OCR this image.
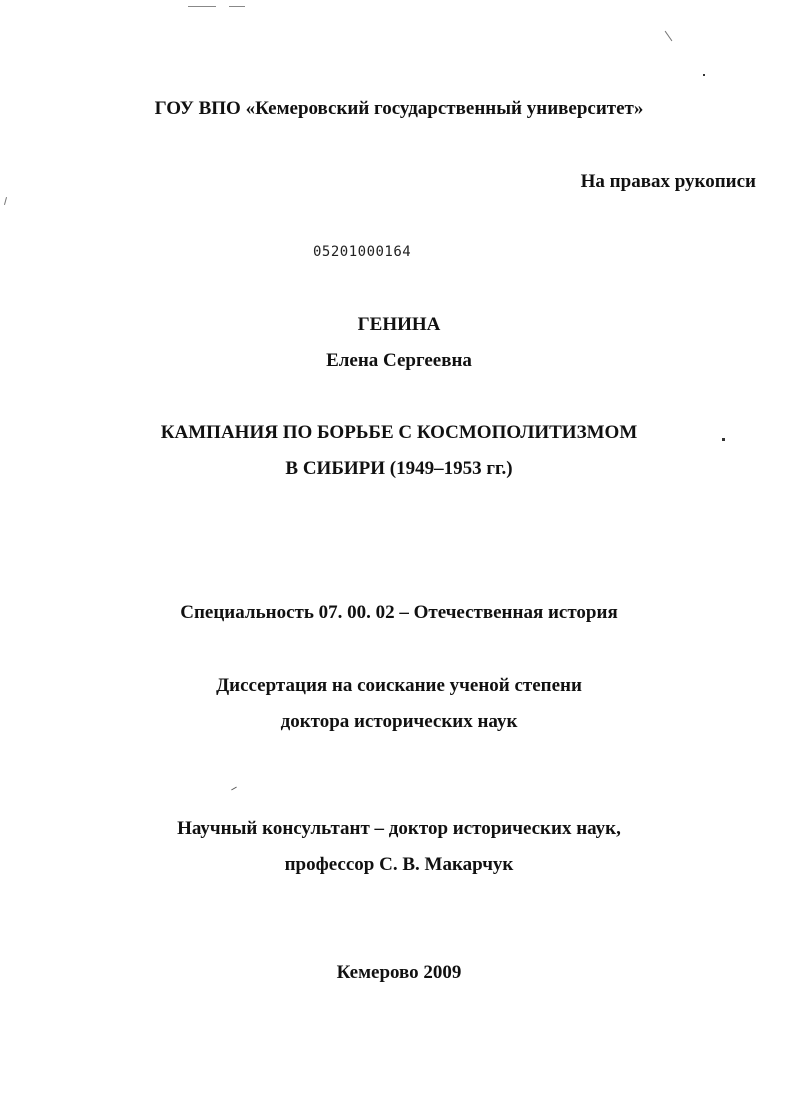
ГОУ ВПО «Кемеровский государственный университет»
На правах рукописи
05201000164
ГЕНИНА
Елена Сергеевна
КАМПАНИЯ ПО БОРЬБЕ С КОСМОПОЛИТИЗМОМ
В СИБИРИ (1949–1953 гг.)
Специальность 07. 00. 02 – Отечественная история
Диссертация на соискание ученой степени
доктора исторических наук
Научный консультант – доктор исторических наук,
профессор С. В. Макарчук
Кемерово 2009
